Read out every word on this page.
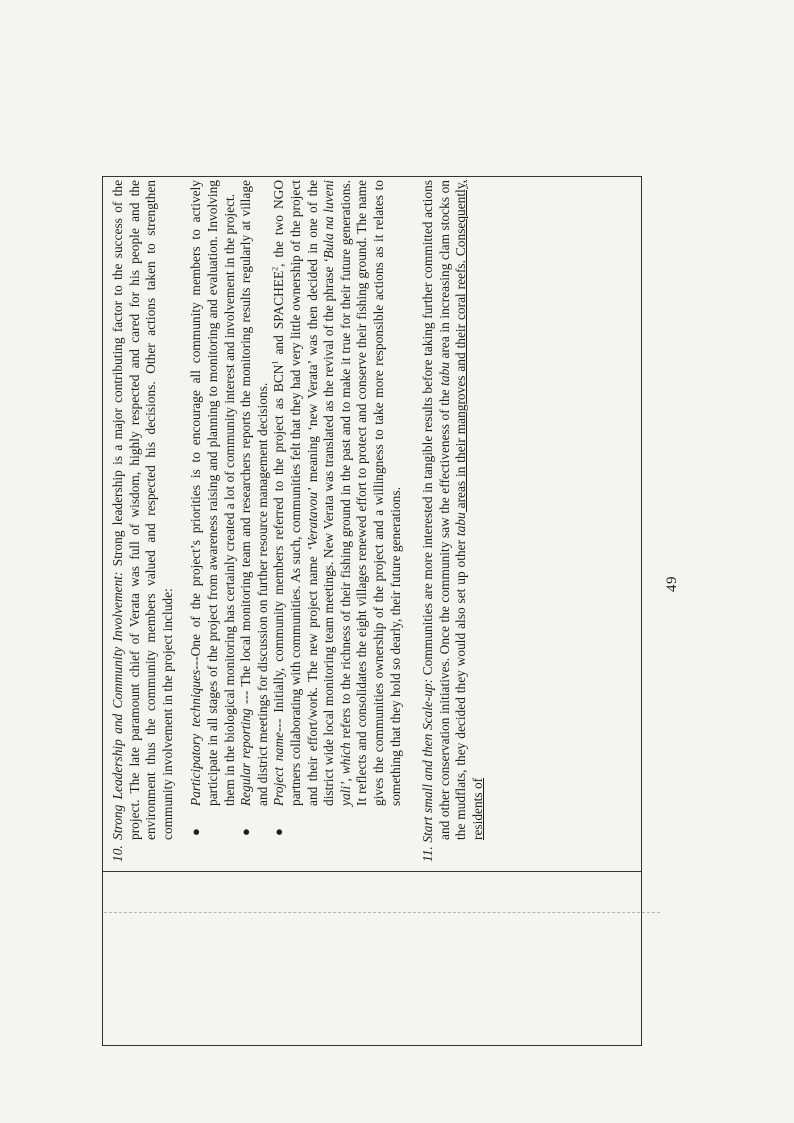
10. Strong Leadership and Community Involvement: Strong leadership is a major contributing factor to the success of the project. The late paramount chief of Verata was full of wisdom, highly respected and cared for his people and the environment thus the community members valued and respected his decisions. Other actions taken to strengthen community involvement in the project include: ●
Participatory techniques---One of the project’s priorities is to encourage all community members to actively participate in all stages of the project from awareness raising and planning to monitoring and evaluation. Involving them in the biological monitoring has certainly created a lot of community interest and involvement in the project.
●
Regular reporting --- The local monitoring team and researchers reports the monitoring results regularly at village and district meetings for discussion on further resource management decisions.
●
Project name--- Initially, community members referred to the project as BCN$^1$ and SPACHEE$^2$, the two NGO partners collaborating with communities. As such, communities felt that they had very little ownership of the project and their effort/work. The new project name ‘Veratavou’ meaning ‘new Verata’ was then decided in one of the district wide local monitoring team meetings. New Verata was translated as the revival of the phrase ‘Bula na luveni yali’, which refers to the richness of their fishing ground in the past and to make it true for their future generations. It reflects and consolidates the eight villages renewed effort to protect and conserve their fishing ground. The name gives the communities ownership of the project and a willingness to take more responsible actions as it relates to something that they hold so dearly, their future generations.

11. Start small and then Scale-up: Communities are more interested in tangible results before taking further committed actions and other conservation initiatives. Once the community saw the effectiveness of the tabu area in increasing clam stocks on the mudflats, they decided they would also set up other tabu areas in their mangroves and their coral reefs. Consequently, residents of

49
